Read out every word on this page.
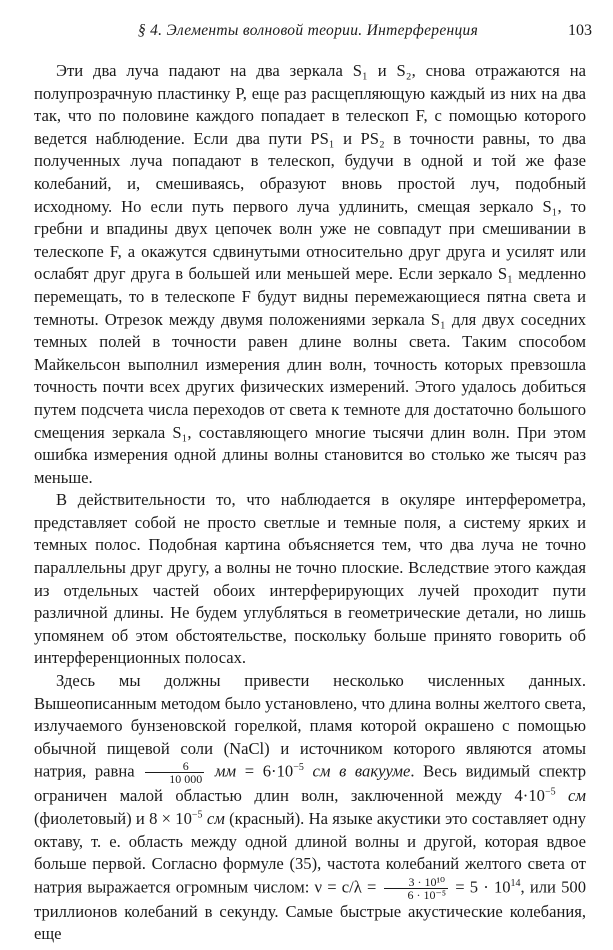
§ 4. Элементы волновой теории. Интерференция	103

Эти два луча падают на два зеркала S₁ и S₂, снова отражаются на полупрозрачную пластинку P, еще раз расщепляющую каждый из них на два так, что по половине каждого попадает в телескоп F, с помощью которого ведется наблюдение. Если два пути PS₁ и PS₂ в точности равны, то два полученных луча попадают в телескоп, будучи в одной и той же фазе колебаний, и, смешиваясь, образуют вновь простой луч, подобный исходному. Но если путь первого луча удлинить, смещая зеркало S₁, то гребни и впадины двух цепочек волн уже не совпадут при смешивании в телескопе F, а окажутся сдвинутыми относительно друг друга и усилят или ослабят друг друга в большей или меньшей мере. Если зеркало S₁ медленно перемещать, то в телескопе F будут видны перемежающиеся пятна света и темноты. Отрезок между двумя положениями зеркала S₁ для двух соседних темных полей в точности равен длине волны света. Таким способом Майкельсон выполнил измерения длин волн, точность которых превзошла точность почти всех других физических измерений. Этого удалось добиться путем подсчета числа переходов от света к темноте для достаточно большого смещения зеркала S₁, составляющего многие тысячи длин волн. При этом ошибка измерения одной длины волны становится во столько же тысяч раз меньше.

В действительности то, что наблюдается в окуляре интерферометра, представляет собой не просто светлые и темные поля, а систему ярких и темных полос. Подобная картина объясняется тем, что два луча не точно параллельны друг другу, а волны не точно плоские. Вследствие этого каждая из отдельных частей обоих интерферирующих лучей проходит пути различной длины. Не будем углубляться в геометрические детали, но лишь упомянем об этом обстоятельстве, поскольку больше принято говорить об интерференционных полосах.

Здесь мы должны привести несколько численных данных. Вышеописанным методом было установлено, что длина волны желтого света, излучаемого бунзеновской горелкой, пламя которой окрашено с помощью обычной пищевой соли (NaCl) и источником которого являются атомы натрия, равна $\frac{6}{10 000}$ мм = $6\cdot 10^{-5}$ см в вакууме. Весь видимый спектр ограничен малой областью длин волн, заключенной между $4\cdot 10^{-5}$ см (фиолетовый) и $8 \times 10^{-5}$ см (красный). На языке акустики это составляет одну октаву, т. е. область между одной длиной волны и другой, которая вдвое больше первой. Согласно формуле (35), частота колебаний желтого света от натрия выражается огромным числом: $\nu = c/\lambda = \frac{\text{3 · 10¹⁰}}{\text{6 · 10⁻⁵}} = 5 \cdot 10^{14}$, или 500 триллионов колебаний в секунду. Самые быстрые акустические колебания, еще
